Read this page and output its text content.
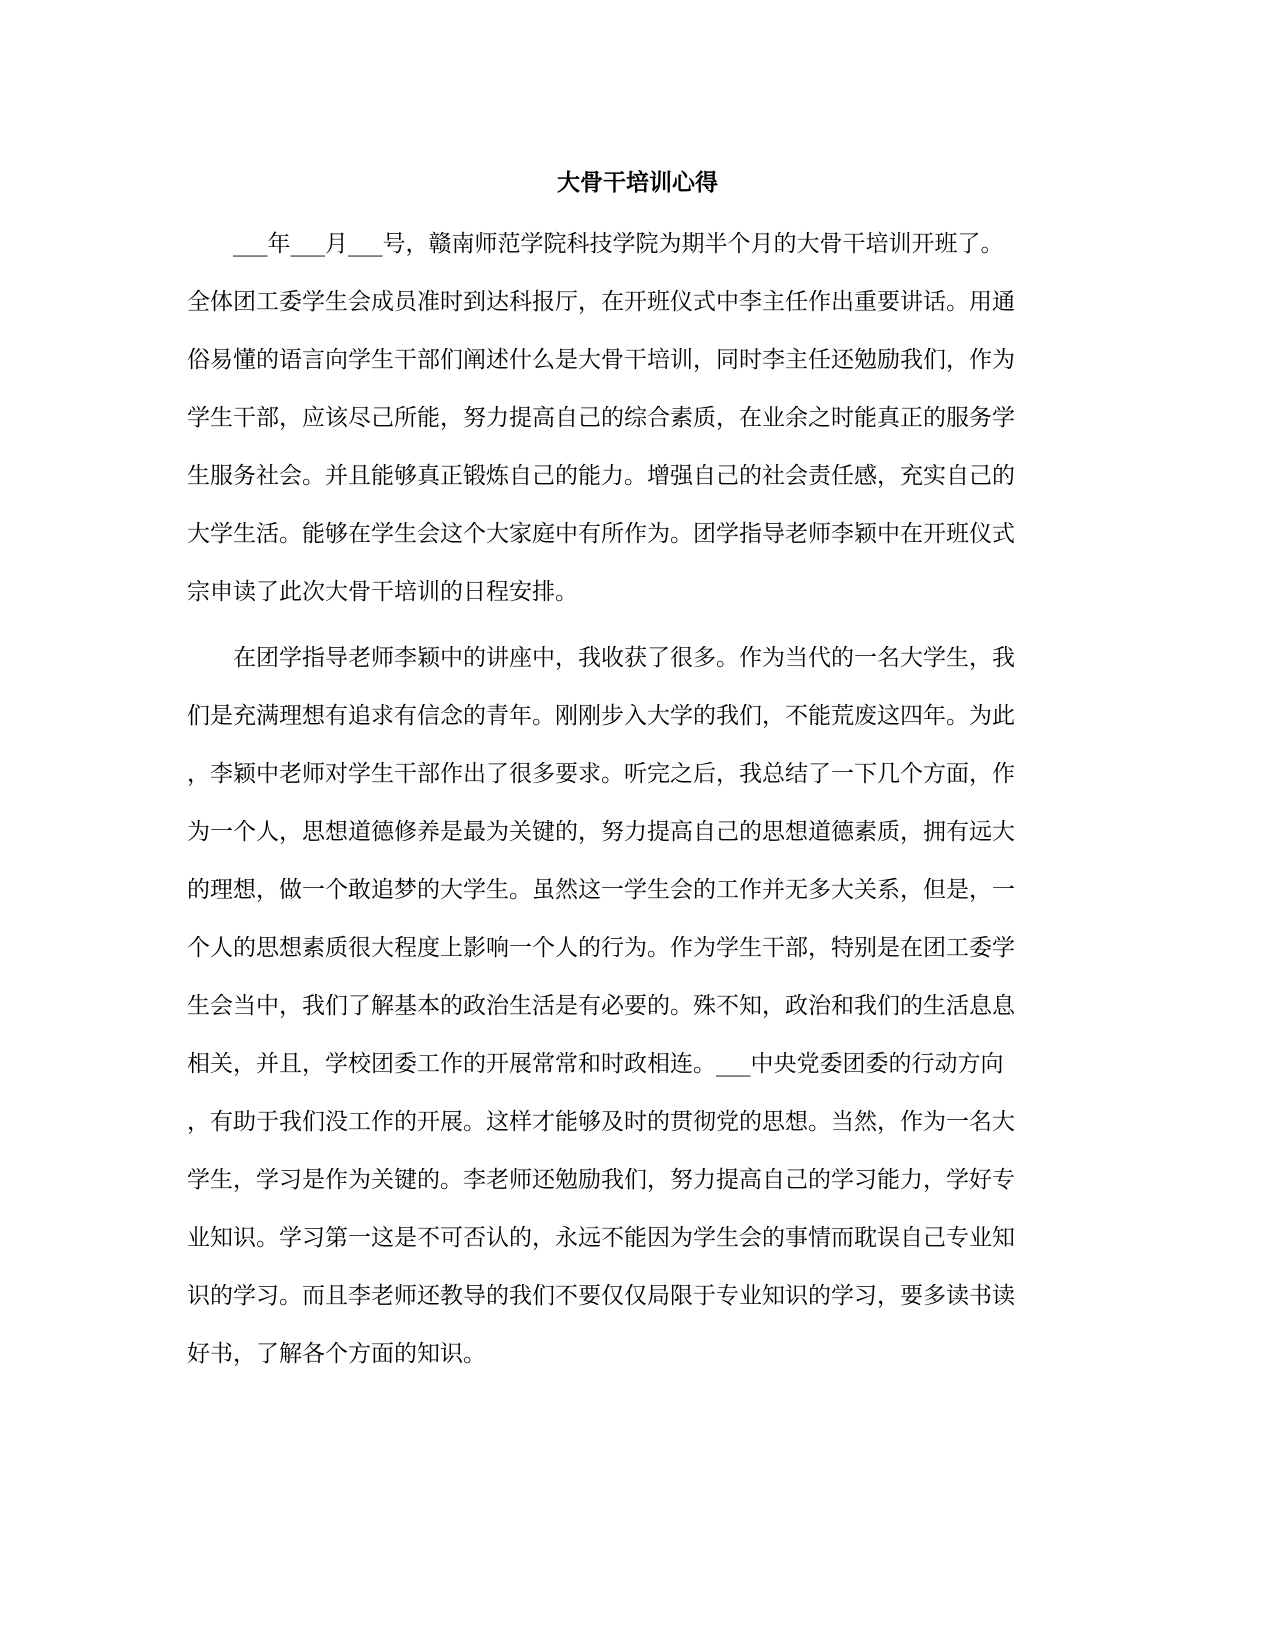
大骨干培训心得
　　___年___月___号，赣南师范学院科技学院为期半个月的大骨干培训开班了。
全体团工委学生会成员准时到达科报厅，在开班仪式中李主任作出重要讲话。用通
俗易懂的语言向学生干部们阐述什么是大骨干培训，同时李主任还勉励我们，作为
学生干部，应该尽己所能，努力提高自己的综合素质，在业余之时能真正的服务学
生服务社会。并且能够真正锻炼自己的能力。增强自己的社会责任感，充实自己的
大学生活。能够在学生会这个大家庭中有所作为。团学指导老师李颖中在开班仪式
宗申读了此次大骨干培训的日程安排。
　　在团学指导老师李颖中的讲座中，我收获了很多。作为当代的一名大学生，我
们是充满理想有追求有信念的青年。刚刚步入大学的我们，不能荒废这四年。为此
，李颖中老师对学生干部作出了很多要求。听完之后，我总结了一下几个方面，作
为一个人，思想道德修养是最为关键的，努力提高自己的思想道德素质，拥有远大
的理想，做一个敢追梦的大学生。虽然这一学生会的工作并无多大关系，但是，一
个人的思想素质很大程度上影响一个人的行为。作为学生干部，特别是在团工委学
生会当中，我们了解基本的政治生活是有必要的。殊不知，政治和我们的生活息息
相关，并且，学校团委工作的开展常常和时政相连。___中央党委团委的行动方向
，有助于我们没工作的开展。这样才能够及时的贯彻党的思想。当然，作为一名大
学生，学习是作为关键的。李老师还勉励我们，努力提高自己的学习能力，学好专
业知识。学习第一这是不可否认的，永远不能因为学生会的事情而耽误自己专业知
识的学习。而且李老师还教导的我们不要仅仅局限于专业知识的学习，要多读书读
好书，了解各个方面的知识。
